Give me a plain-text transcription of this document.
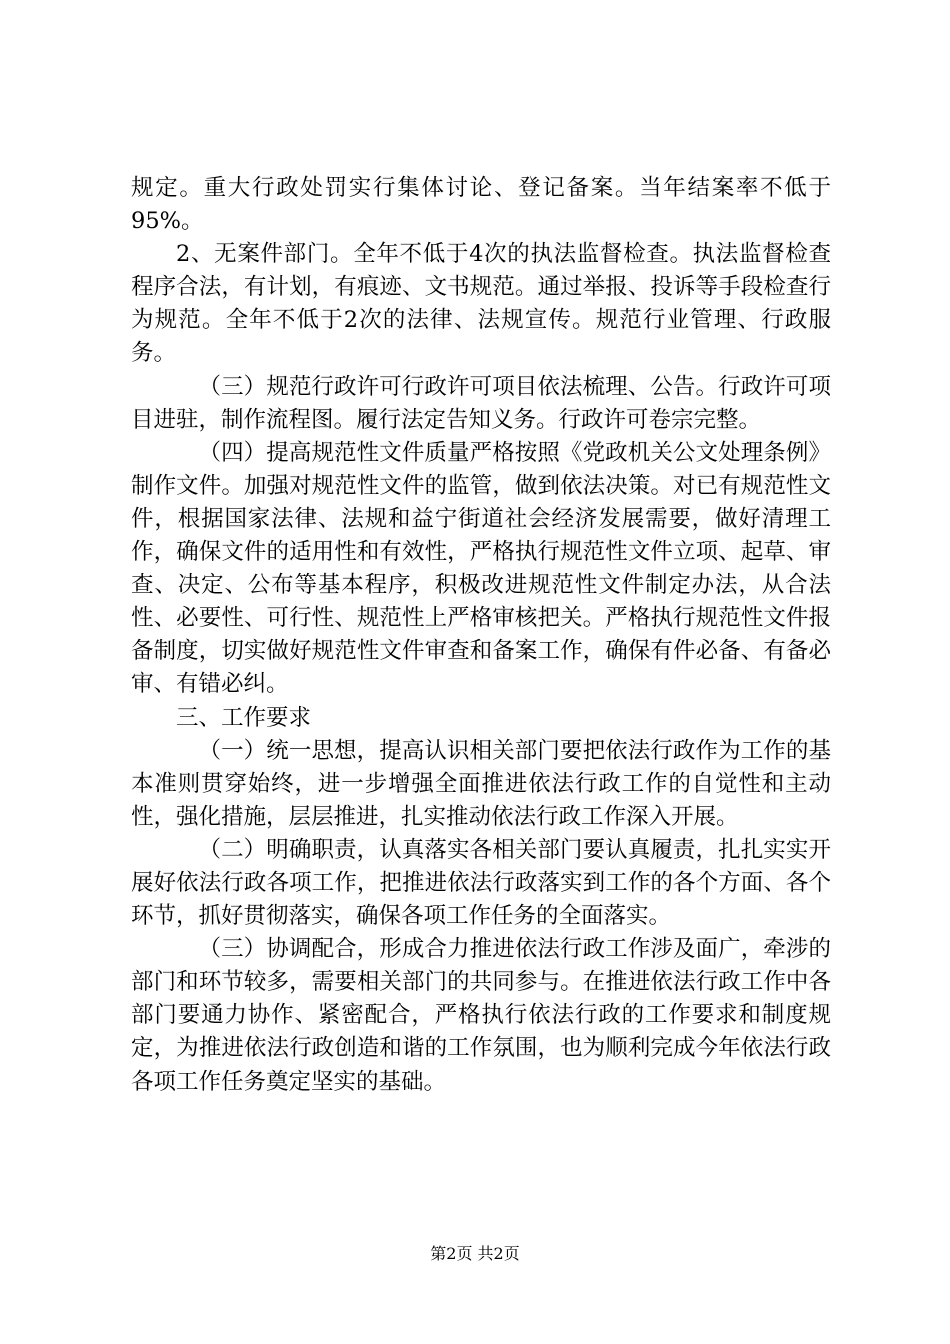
规定。重大行政处罚实行集体讨论、登记备案。当年结案率不低于95%。

2、无案件部门。全年不低于4次的执法监督检查。执法监督检查程序合法，有计划，有痕迹、文书规范。通过举报、投诉等手段检查行为规范。全年不低于2次的法律、法规宣传。规范行业管理、行政服务。

（三）规范行政许可行政许可项目依法梳理、公告。行政许可项目进驻，制作流程图。履行法定告知义务。行政许可卷宗完整。

（四）提高规范性文件质量严格按照《党政机关公文处理条例》制作文件。加强对规范性文件的监管，做到依法决策。对已有规范性文件，根据国家法律、法规和益宁街道社会经济发展需要，做好清理工作，确保文件的适用性和有效性，严格执行规范性文件立项、起草、审查、决定、公布等基本程序，积极改进规范性文件制定办法，从合法性、必要性、可行性、规范性上严格审核把关。严格执行规范性文件报备制度，切实做好规范性文件审查和备案工作，确保有件必备、有备必审、有错必纠。

三、工作要求

（一）统一思想，提高认识相关部门要把依法行政作为工作的基本准则贯穿始终，进一步增强全面推进依法行政工作的自觉性和主动性，强化措施，层层推进，扎实推动依法行政工作深入开展。

（二）明确职责，认真落实各相关部门要认真履责，扎扎实实开展好依法行政各项工作，把推进依法行政落实到工作的各个方面、各个环节，抓好贯彻落实，确保各项工作任务的全面落实。

（三）协调配合，形成合力推进依法行政工作涉及面广，牵涉的部门和环节较多，需要相关部门的共同参与。在推进依法行政工作中各部门要通力协作、紧密配合，严格执行依法行政的工作要求和制度规定，为推进依法行政创造和谐的工作氛围，也为顺利完成今年依法行政各项工作任务奠定坚实的基础。

第2页 共2页
